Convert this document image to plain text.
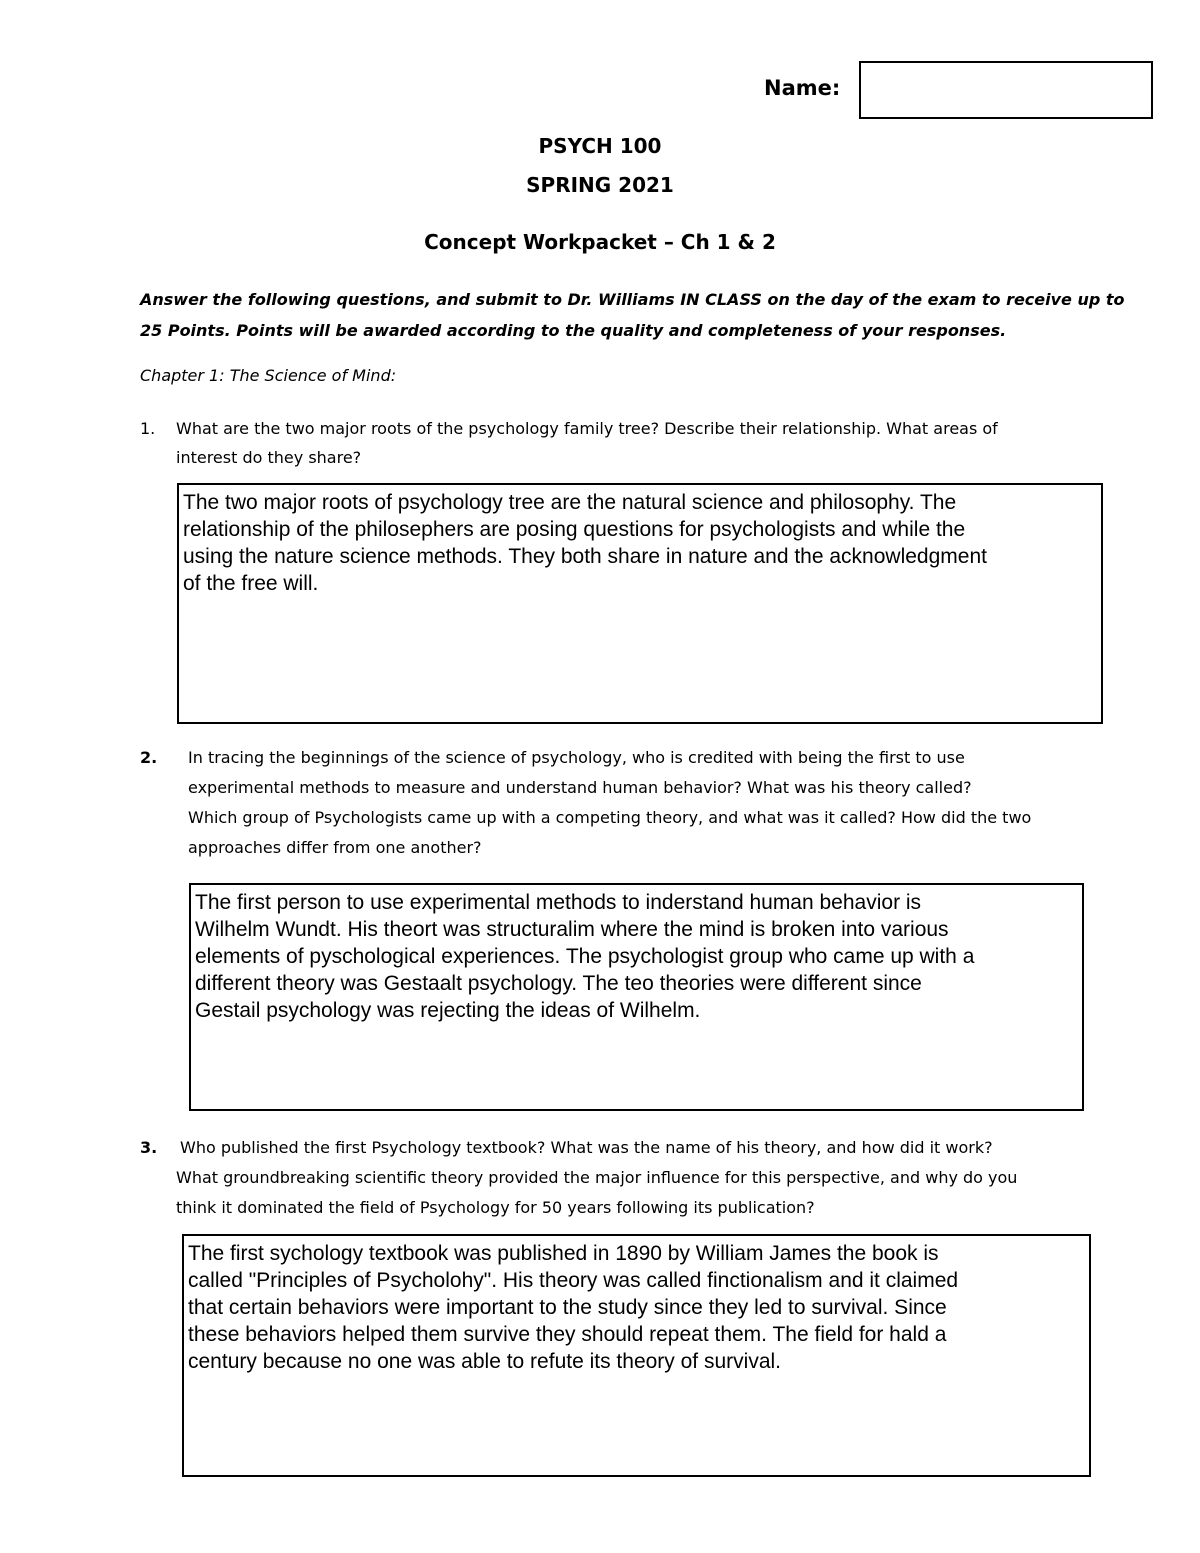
Name:
PSYCH 100
SPRING 2021
Concept Workpacket – Ch 1 & 2
Answer the following questions, and submit to Dr. Williams IN CLASS on the day of the exam to receive up to
25 Points. Points will be awarded according to the quality and completeness of your responses.
Chapter 1: The Science of Mind:
1. What are the two major roots of the psychology family tree? Describe their relationship. What areas of
interest do they share?
The two major roots of psychology tree are the natural science and philosophy. The
relationship of the philosephers are posing questions for psychologists and while the
using the nature science methods. They both share in nature and the acknowledgment
of the free will.
2. In tracing the beginnings of the science of psychology, who is credited with being the first to use
experimental methods to measure and understand human behavior? What was his theory called?
Which group of Psychologists came up with a competing theory, and what was it called? How did the two
approaches differ from one another?
The first person to use experimental methods to inderstand human behavior is
Wilhelm Wundt. His theort was structuralim where the mind is broken into various
elements of pyschological experiences. The psychologist group who came up with a
different theory was Gestaalt psychology. The teo theories were different since
Gestail psychology was rejecting the ideas of Wilhelm.
3. Who published the first Psychology textbook? What was the name of his theory, and how did it work?
What groundbreaking scientific theory provided the major influence for this perspective, and why do you
think it dominated the field of Psychology for 50 years following its publication?
The first sychology textbook was published in 1890 by William James the book is
called "Principles of Psycholohy". His theory was called finctionalism and it claimed
that certain behaviors were important to the study since they led to survival. Since
these behaviors helped them survive they should repeat them. The field for hald a
century because no one was able to refute its theory of survival.
